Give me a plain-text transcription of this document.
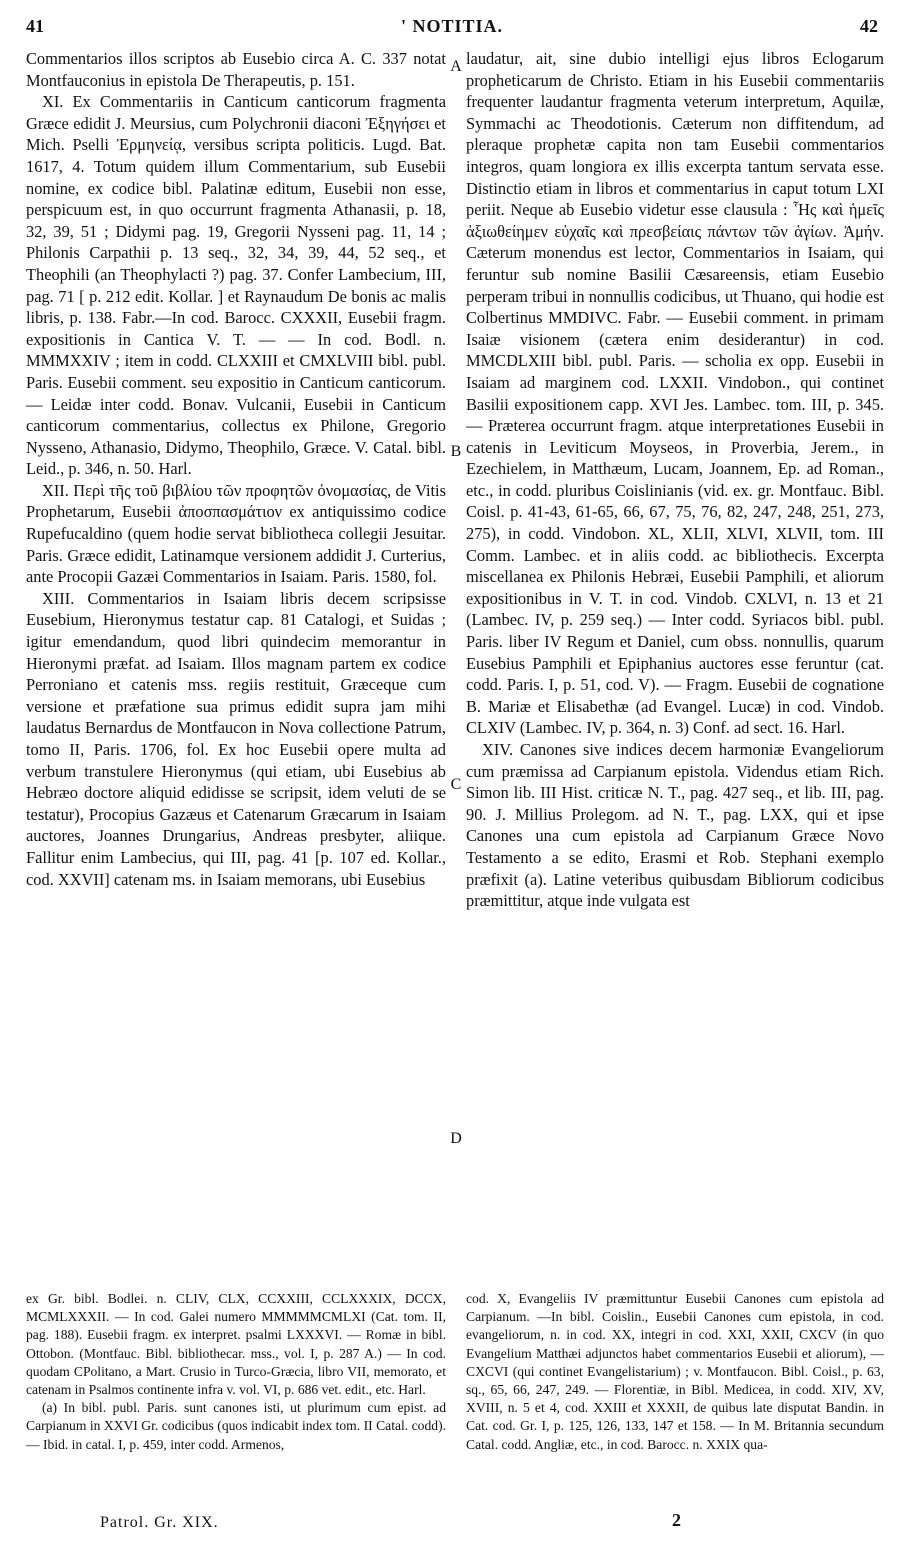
41	' NOTITIA.	42

Commentarios illos scriptos ab Eusebio circa A. C. 337 notat Montfauconius in epistola De Therapeutis, p. 151.

XI. Ex Commentariis in Canticum canticorum fragmenta Græce edidit J. Meursius, cum Polychronii diaconi Ἐξηγήσει et Mich. Pselli Ἐρμηνείᾳ, versibus scripta politicis. Lugd. Bat. 1617, 4. Totum quidem illum Commentarium, sub Eusebii nomine, ex codice bibl. Palatinæ editum, Eusebii non esse, perspicuum est, in quo occurrunt fragmenta Athanasii, p. 18, 32, 39, 51 ; Didymi pag. 19, Gregorii Nysseni pag. 11, 14 ; Philonis Carpathii p. 13 seq., 32, 34, 39, 44, 52 seq., et Theophili (an Theophylacti ?) pag. 37. Confer Lambecium, III, pag. 71 [ p. 212 edit. Kollar. ] et Raynaudum De bonis ac malis libris, p. 138. Fabr.—In cod. Barocc. CXXXII, Eusebii fragm. expositionis in Cantica V. T. — — In cod. Bodl. n. MMMXXIV ; item in codd. CLXXIII et CMXLVIII bibl. publ. Paris. Eusebii comment. seu expositio in Canticum canticorum. — Leidæ inter codd. Bonav. Vulcanii, Eusebii in Canticum canticorum commentarius, collectus ex Philone, Gregorio Nysseno, Athanasio, Didymo, Theophilo, Græce. V. Catal. bibl. Leid., p. 346, n. 50. Harl.

XII. Περὶ τῆς τοῦ βιβλίου τῶν προφητῶν ὀνομασίας, de Vitis Prophetarum, Eusebii ἀποσπασμάτιον ex antiquissimo codice Rupefucaldino (quem hodie servat bibliotheca collegii Jesuitar. Paris. Græce edidit, Latinamque versionem addidit J. Curterius, ante Procopii Gazæi Commentarios in Isaiam. Paris. 1580, fol.

XIII. Commentarios in Isaiam libris decem scripsisse Eusebium, Hieronymus testatur cap. 81 Catalogi, et Suidas ; igitur emendandum, quod libri quindecim memorantur in Hieronymi præfat. ad Isaiam. Illos magnam partem ex codice Perroniano et catenis mss. regiis restituit, Græceque cum versione et præfatione sua primus edidit supra jam mihi laudatus Bernardus de Montfaucon in Nova collectione Patrum, tomo II, Paris. 1706, fol. Ex hoc Eusebii opere multa ad verbum transtulere Hieronymus (qui etiam, ubi Eusebius ab Hebræo doctore aliquid edidisse se scripsit, idem veluti de se testatur), Procopius Gazæus et Catenarum Græcarum in Isaiam auctores, Joannes Drungarius, Andreas presbyter, aliique. Fallitur enim Lambecius, qui III, pag. 41 [p. 107 ed. Kollar., cod. XXVII] catenam ms. in Isaiam memorans, ubi Eusebius

A
B
C
D

laudatur, ait, sine dubio intelligi ejus libros Eclogarum propheticarum de Christo. Etiam in his Eusebii commentariis frequenter laudantur fragmenta veterum interpretum, Aquilæ, Symmachi ac Theodotionis. Cæterum non diffitendum, ad pleraque prophetæ capita non tam Eusebii commentarios integros, quam longiora ex illis excerpta tantum servata esse. Distinctio etiam in libros et commentarius in caput totum LXI periit. Neque ab Eusebio videtur esse clausula : Ἧς καὶ ἡμεῖς ἀξιωθείημεν εὐχαῖς καὶ πρεσβείαις πάντων τῶν ἁγίων. Ἀμήν. Cæterum monendus est lector, Commentarios in Isaiam, qui feruntur sub nomine Basilii Cæsareensis, etiam Eusebio perperam tribui in nonnullis codicibus, ut Thuano, qui hodie est Colbertinus MMDIVC. Fabr. — Eusebii comment. in primam Isaiæ visionem (cætera enim desiderantur) in cod. MMCDLXIII bibl. publ. Paris. — scholia ex opp. Eusebii in Isaiam ad marginem cod. LXXII. Vindobon., qui continet Basilii expositionem capp. XVI Jes. Lambec. tom. III, p. 345. — Præterea occurrunt fragm. atque interpretationes Eusebii in catenis in Leviticum Moyseos, in Proverbia, Jerem., in Ezechielem, in Matthæum, Lucam, Joannem, Ep. ad Roman., etc., in codd. pluribus Coislinianis (vid. ex. gr. Montfauc. Bibl. Coisl. p. 41-43, 61-65, 66, 67, 75, 76, 82, 247, 248, 251, 273, 275), in codd. Vindobon. XL, XLII, XLVI, XLVII, tom. III Comm. Lambec. et in aliis codd. ac bibliothecis. Excerpta miscellanea ex Philonis Hebræi, Eusebii Pamphili, et aliorum expositionibus in V. T. in cod. Vindob. CXLVI, n. 13 et 21 (Lambec. IV, p. 259 seq.) — Inter codd. Syriacos bibl. publ. Paris. liber IV Regum et Daniel, cum obss. nonnullis, quarum Eusebius Pamphili et Epiphanius auctores esse feruntur (cat. codd. Paris. I, p. 51, cod. V). — Fragm. Eusebii de cognatione B. Mariæ et Elisabethæ (ad Evangel. Lucæ) in cod. Vindob. CLXIV (Lambec. IV, p. 364, n. 3) Conf. ad sect. 16. Harl.

XIV. Canones sive indices decem harmoniæ Evangeliorum cum præmissa ad Carpianum epistola. Videndus etiam Rich. Simon lib. III Hist. criticæ N. T., pag. 427 seq., et lib. III, pag. 90. J. Millius Prolegom. ad N. T., pag. LXX, qui et ipse Canones una cum epistola ad Carpianum Græce Novo Testamento a se edito, Erasmi et Rob. Stephani exemplo præfixit (a). Latine veteribus quibusdam Bibliorum codicibus præmittitur, atque inde vulgata est

ex Gr. bibl. Bodlei. n. CLIV, CLX, CCXXIII, CCLXXXIX, DCCX, MCMLXXXII. — In cod. Galei numero MMMMMCMLXI (Cat. tom. II, pag. 188). Eusebii fragm. ex interpret. psalmi LXXXVI. — Romæ in bibl. Ottobon. (Montfauc. Bibl. bibliothecar. mss., vol. I, p. 287 A.) — In cod. quodam CPolitano, a Mart. Crusio in Turco-Græcia, libro VII, memorato, et catenam in Psalmos continente infra v. vol. VI, p. 686 vet. edit., etc. Harl.

(a) In bibl. publ. Paris. sunt canones isti, ut plurimum cum epist. ad Carpianum in XXVI Gr. codicibus (quos indicabit index tom. II Catal. codd). — Ibid. in catal. I, p. 459, inter codd. Armenos,

cod. X, Evangeliis IV præmittuntur Eusebii Canones cum epistola ad Carpianum. —In bibl. Coislin., Eusebii Canones cum epistola, in cod. evangeliorum, n. in cod. XX, integri in cod. XXI, XXII, CXCV (in quo Evangelium Matthæi adjunctos habet commentarios Eusebii et aliorum), — CXCVI (qui continet Evangelistarium) ; v. Montfaucon. Bibl. Coisl., p. 63, sq., 65, 66, 247, 249. — Florentiæ, in Bibl. Medicea, in codd. XIV, XV, XVIII, n. 5 et 4, cod. XXIII et XXXII, de quibus late disputat Bandin. in Cat. cod. Gr. I, p. 125, 126, 133, 147 et 158. — In M. Britannia secundum Catal. codd. Angliæ, etc., in cod. Barocc. n. XXIX qua-

Patrol. Gr. XIX.	2
